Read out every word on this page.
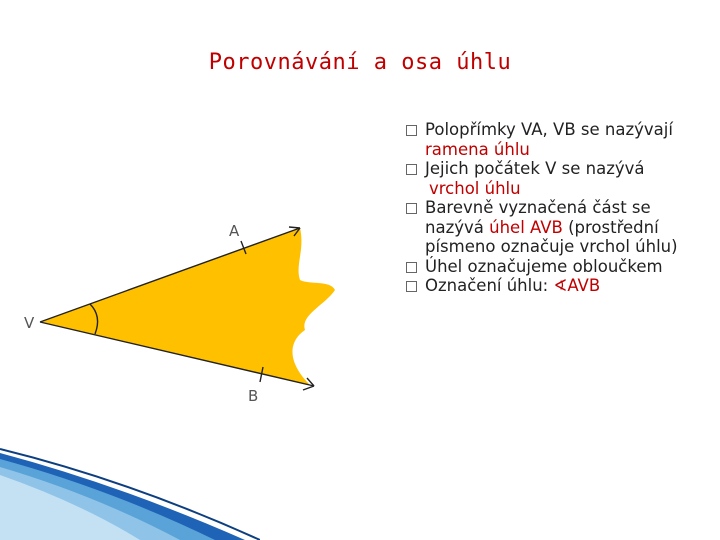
Porovnávání a osa úhlu
A
V
B
Polopřímky VA, VB se nazývají
ramena úhlu
Jejich počátek V se nazývá
vrchol úhlu
Barevně vyznačená část se nazývá úhel AVB (prostřední písmeno označuje vrchol úhlu)
Úhel označujeme obloučkem
Označení úhlu: ∢AVB
